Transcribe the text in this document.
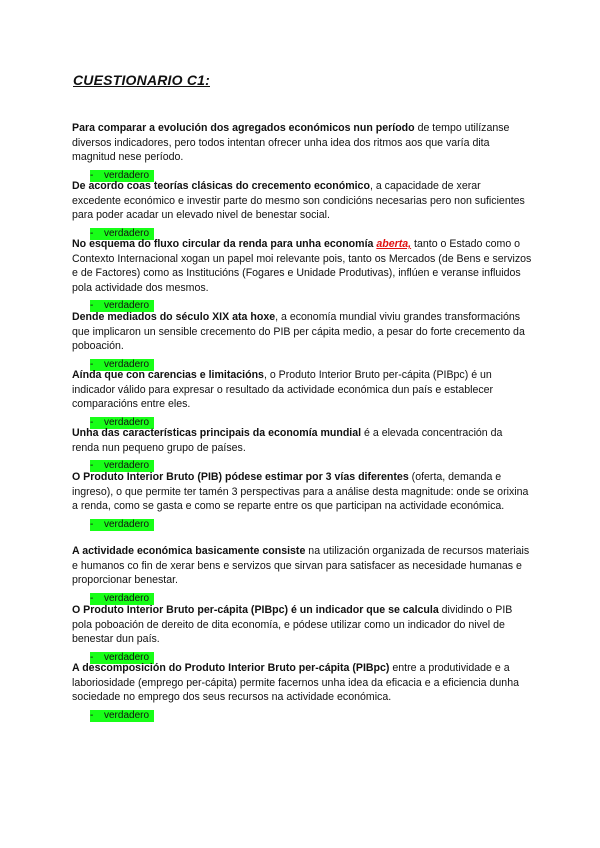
CUESTIONARIO C1:

Para comparar a evolución dos agregados económicos nun período de tempo utilízanse diversos indicadores, pero todos intentan ofrecer unha idea dos ritmos aos que varía dita magnitud nese período.

- verdadero

De acordo coas teorías clásicas do crecemento económico, a capacidade de xerar excedente económico e investir parte do mesmo son condicións necesarias pero non suficientes para poder acadar un elevado nivel de benestar social.

- verdadero

No esquema do fluxo circular da renda para unha economía aberta, tanto o Estado como o Contexto Internacional xogan un papel moi relevante pois, tanto os Mercados (de Bens e servizos e de Factores) como as Institucións (Fogares e Unidade Produtivas), inflúen e veranse influidos pola actividade dos mesmos.

- verdadero

Dende mediados do século XIX ata hoxe, a economía mundial viviu grandes transformacións que implicaron un sensible crecemento do PIB per cápita medio, a pesar do forte crecemento da poboación.

- verdadero

Aínda que con carencias e limitacións, o Produto Interior Bruto per-cápita (PIBpc) é un indicador válido para expresar o resultado da actividade económica dun país e establecer comparacións entre eles.

- verdadero

Unha das características principais da economía mundial é a elevada concentración da renda nun pequeno grupo de países.

- verdadero

O Produto Interior Bruto (PIB) pódese estimar por 3 vías diferentes (oferta, demanda e ingreso), o que permite ter tamén 3 perspectivas para a análise desta magnitude: onde se orixina a renda, como se gasta e como se reparte entre os que participan na actividade económica.

- verdadero

A actividade económica basicamente consiste na utilización organizada de recursos materiais e humanos co fin de xerar bens e servizos que sirvan para satisfacer as necesidade humanas e proporcionar benestar.

- verdadero

O Produto Interior Bruto per-cápita (PIBpc) é un indicador que se calcula dividindo o PIB pola poboación de dereito de dita economía, e pódese utilizar como un indicador do nivel de benestar dun país.

- verdadero

A descomposición do Produto Interior Bruto per-cápita (PIBpc) entre a produtividade e a laboriosidade (emprego per-cápita) permite facernos unha idea da eficacia e a eficiencia dunha sociedade no emprego dos seus recursos na actividade económica.

- verdadero
